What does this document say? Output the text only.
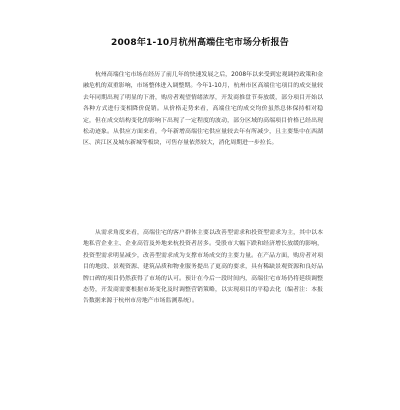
2008年1-10月杭州高端住宅市场分析报告

杭州高端住宅市场在经历了前几年的快速发展之后，2008年以来受到宏观调控政策和金融危机的双重影响，市场整体进入调整期。今年1-10月，杭州市区高端住宅项目的成交量较去年同期出现了明显的下滑，购房者观望情绪浓厚，开发商推盘节奏放缓，部分项目开始以各种方式进行变相降价促销。从价格走势来看，高端住宅的成交均价虽然总体保持相对稳定，但在成交结构变化的影响下出现了一定程度的波动，部分区域的高端项目价格已经出现松动迹象。从供应方面来看，今年新增高端住宅供应量较去年有所减少，且主要集中在西湖区、滨江区及城东新城等板块，可售存量依然较大，消化周期进一步拉长。

从需求角度来看，高端住宅的客户群体主要以改善型需求和投资型需求为主，其中以本地私营企业主、企业高管及外地来杭投资者居多。受股市大幅下跌和经济增长放缓的影响，投资型需求明显减少，改善型需求成为支撑市场成交的主要力量。在产品方面，购房者对项目的地段、景观资源、建筑品质和物业服务提出了更高的要求，具有稀缺景观资源和良好品牌口碑的项目仍然获得了市场的认可。预计在今后一段时间内，高端住宅市场仍将延续调整态势，开发商需要根据市场变化及时调整营销策略，以实现项目的平稳去化（编者注：本报告数据来源于杭州市房地产市场监测系统）。
